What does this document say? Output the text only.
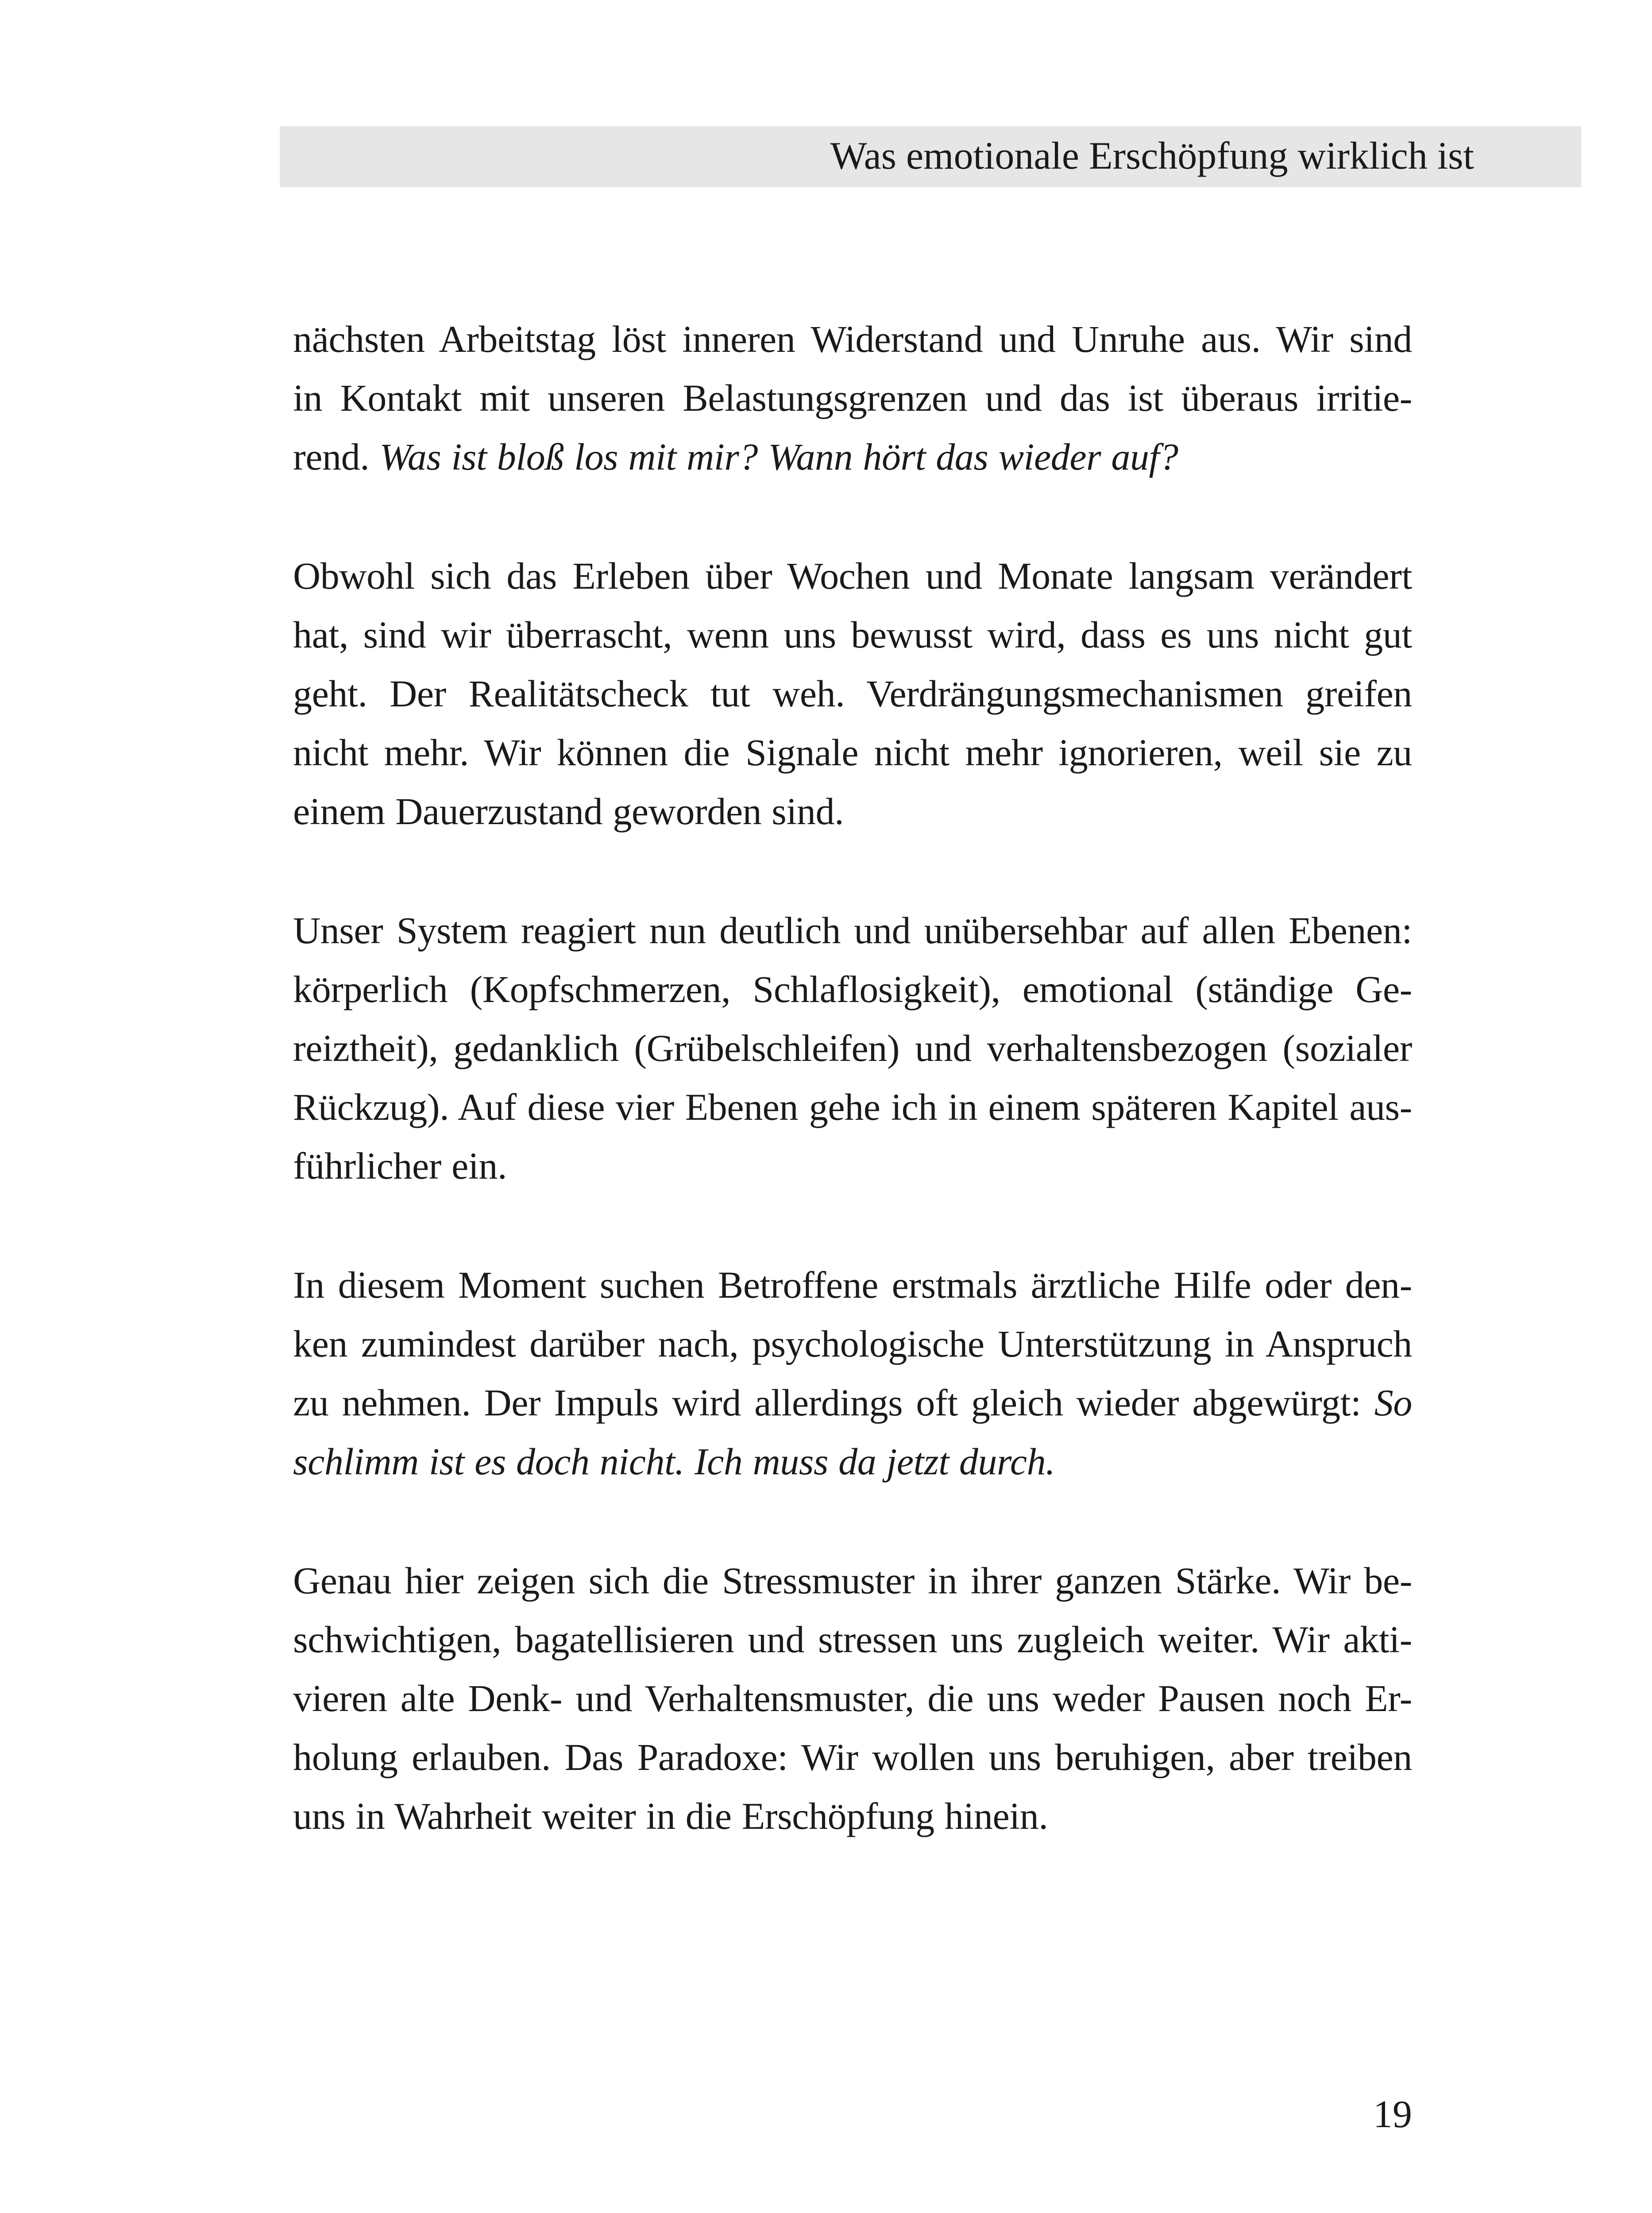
Was emotionale Erschöpfung wirklich ist

nächsten Arbeitstag löst inneren Widerstand und Unruhe aus. Wir sind
in Kontakt mit unseren Belastungsgrenzen und das ist überaus irritie-
rend. Was ist bloß los mit mir? Wann hört das wieder auf?

Obwohl sich das Erleben über Wochen und Monate langsam verändert
hat, sind wir überrascht, wenn uns bewusst wird, dass es uns nicht gut
geht. Der Realitätscheck tut weh. Verdrängungsmechanismen greifen
nicht mehr. Wir können die Signale nicht mehr ignorieren, weil sie zu
einem Dauerzustand geworden sind.

Unser System reagiert nun deutlich und unübersehbar auf allen Ebenen:
körperlich (Kopfschmerzen, Schlaflosigkeit), emotional (ständige Ge-
reiztheit), gedanklich (Grübelschleifen) und verhaltensbezogen (sozialer
Rückzug). Auf diese vier Ebenen gehe ich in einem späteren Kapitel aus-
führlicher ein.

In diesem Moment suchen Betroffene erstmals ärztliche Hilfe oder den-
ken zumindest darüber nach, psychologische Unterstützung in Anspruch
zu nehmen. Der Impuls wird allerdings oft gleich wieder abgewürgt: So
schlimm ist es doch nicht. Ich muss da jetzt durch.

Genau hier zeigen sich die Stressmuster in ihrer ganzen Stärke. Wir be-
schwichtigen, bagatellisieren und stressen uns zugleich weiter. Wir akti-
vieren alte Denk- und Verhaltensmuster, die uns weder Pausen noch Er-
holung erlauben. Das Paradoxe: Wir wollen uns beruhigen, aber treiben
uns in Wahrheit weiter in die Erschöpfung hinein.

19
